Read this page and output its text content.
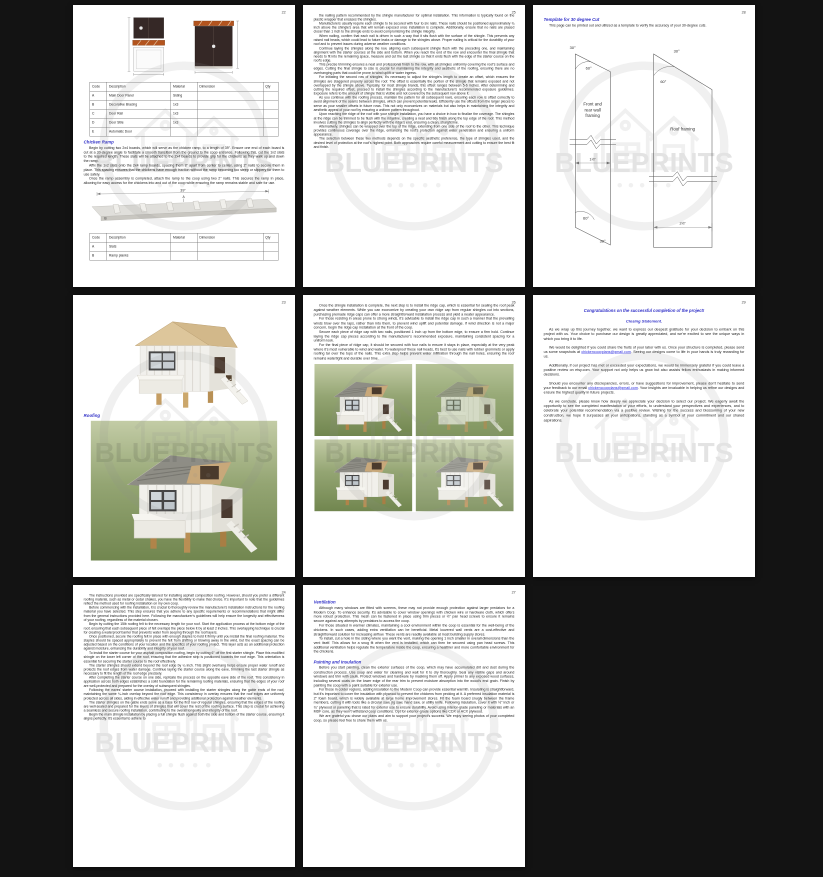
22
Code	Description	Material	Dimension	Qty
A	Main Door Panel	Siding		
B	Decorative Bracing	1x3		
C	Door Rail	1x3		
D	Door Stile	1x3		
E	Automatic Door			
Chicken Ramp

Begin by cutting two 2x4 boards, which will serve as the chicken ramp, to a length of 39". Ensure one end of each board is cut at a 30-degree angle to facilitate a smooth transition from the ground to the coop entrance. Following this, cut the 1x2 slats to the required length. These slats will be attached to the 2x4 boards to provide grip for the chickens as they walk up and down the ramp.

Affix the 1x2 slats onto the 2x4 ramp boards, spacing them 8" apart from center to center, using 2" nails to secure them in place. This spacing ensures that the chickens have enough traction without the ramp becoming too steep or slippery for them to use safely.

Once the ramp assembly is completed, attach the ramp to the coop using two 2" nails. This secures the ramp in place, allowing for easy access for the chickens into and out of the coop while ensuring the ramp remains stable and safe for use.

39"
A
B
Code	Description	Material	Dimension	Qty
A	Slats			
B	Ramp planks			
23
Roofing
24

The instructions provided are specifically tailored for installing asphalt composition roofing. However, should you prefer a different roofing material, such as metal or cedar shakes, you have the flexibility to make that choice. It's important to note that the guidelines reflect the method used for roofing installation on my own coop.

Before commencing with the installation, it is crucial to thoroughly review the manufacturer's installation instructions for the roofing material you have selected. This step ensures that you adhere to any specific requirements or recommendations that might differ from the general instructions provided here. Following the manufacturer's guidelines will help ensure the longevity and effectiveness of your roofing, regardless of the material chosen.

Begin by cutting the 15lb roofing felt to the necessary length for your roof. Start the application process at the bottom edge of the roof, ensuring that each subsequent piece of felt overlaps the piece below it by at least 2 inches. This overlapping technique is crucial for creating a waterproof barrier that prevents water from seeping through the roof layers.

Once positioned, secure the roofing felt in place with enough staples to hold it firmly until you install the final roofing material. The staples should be spaced appropriately to prevent the felt from shifting or blowing away in the wind, but the exact spacing can be adjusted based on the conditions of your location and the specifics of your roofing project. This layer acts as an additional protection against moisture, enhancing the durability and integrity of your roof.

To install the starter course for your asphalt composition roofing, begin by cutting 6" off the first starter shingle. Place this modified shingle on the lower left corner of the roof, ensuring that the adhesive strip is positioned towards the roof edge. This orientation is essential for securing the starter course to the roof effectively.

The starter shingles should extend beyond the roof edge by ¼ inch. This slight overhang helps ensure proper water runoff and protects the roof edges from water damage. Continue laying the starter course along the eave, trimming the last starter shingle as necessary to fit the length of the roof edge precisely.

After completing the starter course on one side, replicate the process on the opposite eave side of the roof. This consistency in application across both edges establishes a solid foundation for the remaining roofing materials, ensuring that the edges of your roof are well-protected and prepared for the overlay of subsequent shingles.

Following the eaves' starter course installation, proceed with installing the starter shingles along the gable ends of the roof, maintaining the same ¼-inch overlap beyond the roof edge. This consistency in overlay ensures that the roof edges are uniformly protected across all sides, aiding in effective water runoff and providing additional protection against weather elements.

The starter shingles on the gable ends serve as a base for the first row of regular shingles, ensuring that the edges of the roofing are well-sealed and prepared for the layers of shingles that will cover the rest of the roofing surface. This step is crucial for achieving a seamless and secure roofing installation, contributing to the overall longevity and integrity of the roof.

Begin the main shingle installation by placing a full shingle flush against both the side and bottom of the starter course, ensuring it aligns perfectly. It's essential to adhere to

25

the nailing pattern recommended by the shingle manufacturer for optimal installation. This information is typically found on the plastic wrapper that encases the shingles.

Manufacturers usually require each shingle to be secured with four to six nails. These nails should be positioned approximately ¾ inch above the shingle's area that will remain exposed once installation is complete. Additionally, ensure that no nails are placed closer than 1 inch to the shingle ends to avoid compromising the shingle integrity.

When nailing, confirm that each nail is driven in such a way that it sits flush with the surface of the shingle. This prevents any raised nail heads, which could lead to future leaks or damage to the shingles above. Proper nailing is critical for the durability of your roof and to prevent issues during adverse weather conditions.

Continue laying the shingles along the row, aligning each subsequent shingle flush with the preceding one, and maintaining alignment with the starter courses at the side and bottom. When you reach the end of the row and encounter the final shingle that needs to fit into the remaining space, measure and cut the last shingle so that it ends flush with the edge of the starter course on the roof's edge.

This precise trimming ensures a neat and professional finish to the row, with all shingles uniformly covering the roof's surface and edges. Cutting the final shingle to size is crucial for maintaining the integrity and aesthetic of the roofing, ensuring there are no overhanging parts that could be prone to wind uplift or water ingress.

For initiating the second row of shingles, it's necessary to adjust the shingle's length to create an offset, which ensures the shingles are staggered properly across the roof. The offset is essentially the portion of the shingle that remains exposed and not overlapped by the shingle above. Typically, for most shingle brands, this offset ranges between 5-6 inches. After determining and cutting the required offset, proceed to install the shingles according to the manufacturer's recommended exposure guidelines. Exposure refers to the amount of shingle that is visible and not covered by the subsequent row above it.

As you continue with the roofing process, maintain the pattern for all subsequent rows, ensuring each row is offset correctly to avoid alignment of the seams between shingles, which can prevent potential leaks. Efficiently use the offcuts from the larger pieces to serve as your smaller offsets in future rows. This not only economizes on materials but also helps in maintaining the integrity and aesthetic appeal of your roof by ensuring a uniform pattern throughout.

Upon reaching the ridge of the roof with your shingle installation, you have a choice in how to finalize the coverage. The shingles at the ridge can be trimmed to be flush with the ridgeline, creating a neat and tidy finish along the top edge of the roof. This method involves cutting the shingles to align perfectly with the ridge's end, ensuring a clean, straight line.

Alternatively, shingles can be wrapped over the top of the ridge, extending from one side of the roof to the other. This technique provides continuous coverage over the ridge, enhancing the roof's protection against water penetration and ensuring a uniform appearance.

The selection between these two methods depends on the specific aesthetic preference, the type of shingles used, and the desired level of protection at the roof's highest point. Both approaches require careful measurement and cutting to ensure the best fit and finish.

26

Once the shingle installation is complete, the next step is to install the ridge cap, which is essential for sealing the roof peak against weather elements. While you can economize by creating your own ridge cap from regular shingles cut into sections, purchasing premade ridge caps can offer a more straightforward installation process and yield a neater appearance.

For those residing in areas prone to strong winds, it's advisable to install the ridge cap in such a manner that the prevailing winds blow over the laps, rather than into them, to prevent wind uplift and potential damage. If wind direction is not a major concern, begin the ridge cap installation at the front of the coop.

Secure each piece of ridge cap with two nails, positioned 1 inch up from the bottom edge, to ensure a firm hold. Continue laying the ridge cap pieces according to the manufacturer's recommended exposure, maintaining consistent spacing for a uniform look.

For the final piece of ridge cap, it should be secured with four nails to ensure it stays in place, especially at the very peak where it's most vulnerable to wind and water. To waterproof these nail heads, it's best to use nails with rubber grommets or apply roofing tar over the tops of the nails. This extra step helps prevent water infiltration through the nail holes, ensuring the roof remains watertight and durable over time.

27
Ventilation

Although many windows are fitted with screens, these may not provide enough protection against larger predators for a Modern Coop. To enhance security, it's advisable to cover window openings with chicken wire or hardware cloth, which offers more robust protection. This mesh can be fastened in place using trim pieces or ½" pan head screws to ensure it remains secure against any attempts by predators to access the coop.

For those situated in warmer climates, maintaining a cool environment within the coop is essential for the well-being of the chickens. In such cases, adding extra ventilation can be beneficial. Metal louvered wall vents are a cost-effective and straightforward solution for increasing airflow. These vents are readily available at most building supply stores.

To install, cut a hole in the siding where you want the vent, making the opening 1 inch smaller in overall dimensions than the vent itself. This allows for a snug fit when the vent is installed, which can then be secured using pan head screws. This additional ventilation helps regulate the temperature inside the coop, ensuring a healthier and more comfortable environment for the chickens.

Painting and Insulation

Before you start painting, clean the exterior surfaces of the coop, which may have accumulated dirt and dust during the construction process. Use soap and water for cleaning and wait for it to dry thoroughly. Seal any visible gaps and around windows and trim with caulk. Protect windows and hardware by masking them off. Apply primer to any exposed wood surfaces, including several coats on the lower edge of the rear trim to prevent moisture absorption into the wood's end grain. Finish by painting the coop with a paint suitable for exterior use.

For those in colder regions, adding insulation to the Modern Coop can provide essential warmth. Insulating is straightforward, but it's important to cover the insulation with plywood to prevent the chickens from pecking at it. A preferred insulation material is 2" foam board, which is widely available at large home improvement stores. Fit the foam board snugly between the frame members, cutting it with tools like a circular saw, jig saw, hand saw, or utility knife. Following insulation, cover it with ½" inch or ¾" plywood or paneling that is rated for exterior use to ensure durability. Avoid using interior-grade paneling or materials with an MDF core, as they won't withstand coop conditions. Opt for exterior-grade options like CDX or ACX plywood.

We are grateful you chose our plans and aim to support your project's success. We enjoy seeing photos of your completed coop, so please feel free to share them with us.

28
Template for 30 degree Cut

This page can be printed out and utilized as a template to verify the accuracy of your 30-degree cuts.

30°
60°
60°
30°
30°
60°
Front and rear wall framing
Roof framing
1½"
2½"
29
Congratulations on the successful completion of the project!
Closing Statement.

As we wrap up this journey together, we want to express our deepest gratitude for your decision to embark on this project with us. Your choice to purchase our design is greatly appreciated, and we're excited to see the unique ways in which you bring it to life.

We would be delighted if you could share the fruits of your labor with us. Once your structure is completed, please send us some snapshots at chickencoopplans@gmail.com. Seeing our designs come to life in your hands is truly rewarding for us.

Additionally, if our project has met or exceeded your expectations, we would be immensely grateful if you could leave a positive review on etsy.com. Your support not only helps us grow but also assists fellow enthusiasts in making informed decisions.

Should you encounter any discrepancies, errors, or have suggestions for improvement, please don't hesitate to send your feedback to our email chickencoopplans@gmail.com. Your insights are invaluable in helping us refine our designs and ensure the highest quality in future projects.

As we conclude, please know how deeply we appreciate your decision to select our project. We eagerly await the opportunity to see the completed manifestation of your efforts, to understand your perspectives and experiences, and to celebrate your potential recommendation via a positive review. Wishing for the success and blossoming of your new construction, we hope it surpasses all your anticipations, standing as a symbol of your commitment and our shared aspirations.
